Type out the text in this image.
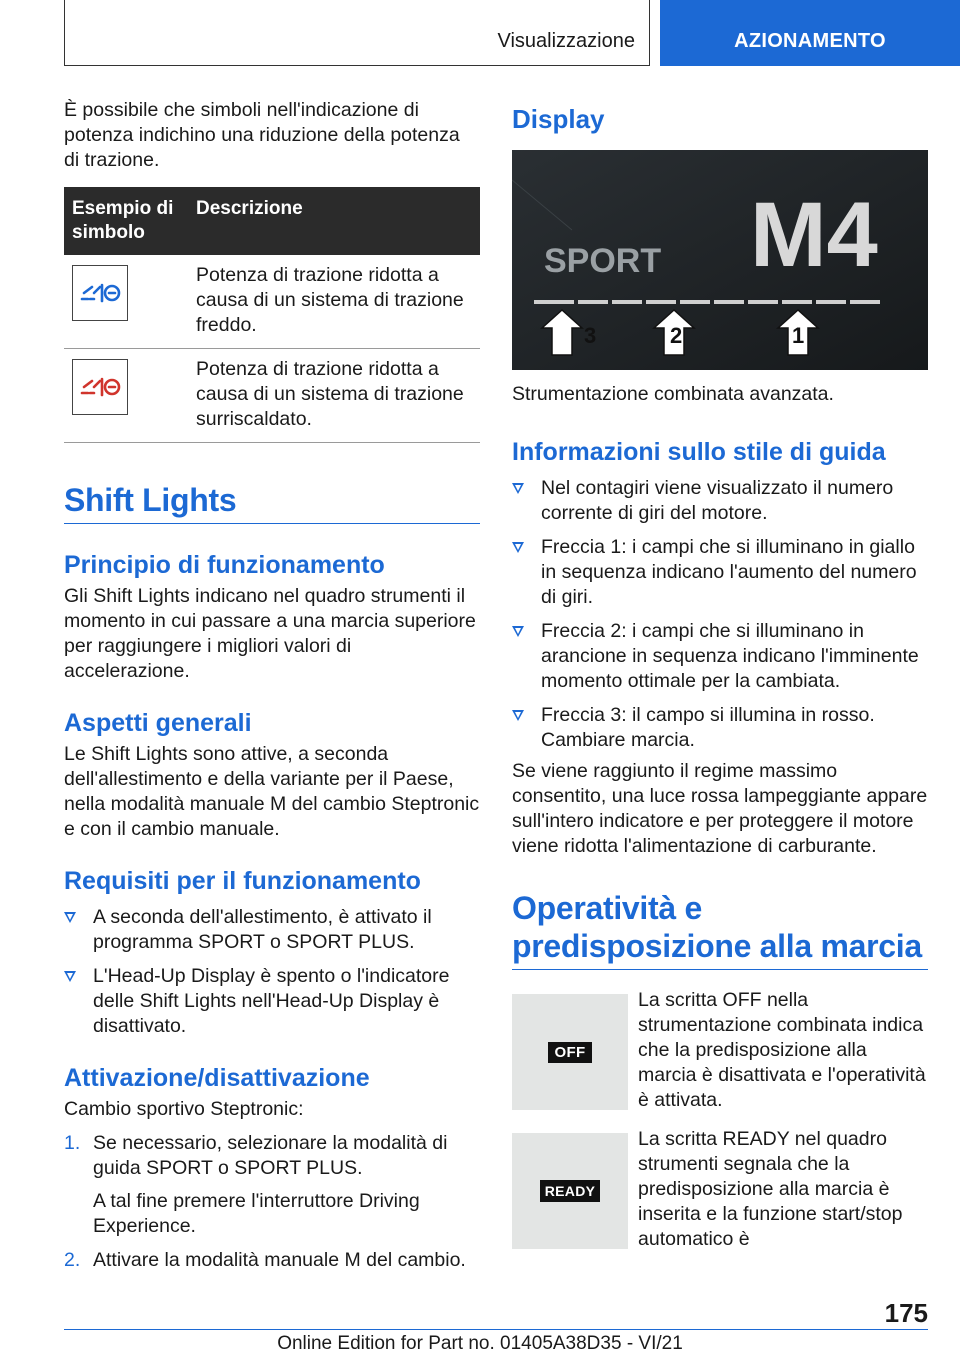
Visualizzazione	AZIONAMENTO

È possibile che simboli nell'indicazione di potenza indichino una riduzione della potenza di trazione.

Esempio di simbolo	Descrizione

	Potenza di trazione ridotta a causa di un sistema di trazione freddo.

	Potenza di trazione ridotta a causa di un sistema di trazione surriscaldato.
Shift Lights
Principio di funzionamento

Gli Shift Lights indicano nel quadro strumenti il momento in cui passare a una marcia superiore per raggiungere i migliori valori di accelerazione.

Aspetti generali

Le Shift Lights sono attive, a seconda dell'allestimento e della variante per il Paese, nella modalità manuale M del cambio Steptronic e con il cambio manuale.

Requisiti per il funzionamento
A seconda dell'allestimento, è attivato il programma SPORT o SPORT PLUS.
L'Head-Up Display è spento o l'indicatore delle Shift Lights nell'Head-Up Display è disattivato.
Attivazione/disattivazione

Cambio sportivo Steptronic:

1. Se necessario, selezionare la modalità di guida SPORT o SPORT PLUS.
A tal fine premere l'interruttore Driving Experience.
2. Attivare la modalità manuale M del cambio.
Display
SPORT M4
3	2	1

Strumentazione combinata avanzata.

Informazioni sullo stile di guida
Nel contagiri viene visualizzato il numero corrente di giri del motore.
Freccia 1: i campi che si illuminano in giallo in sequenza indicano l'aumento del numero di giri.
Freccia 2: i campi che si illuminano in arancione in sequenza indicano l'imminente momento ottimale per la cambiata.
Freccia 3: il campo si illumina in rosso. Cambiare marcia.

Se viene raggiunto il regime massimo consentito, una luce rossa lampeggiante appare sull'intero indicatore e per proteggere il motore viene ridotta l'alimentazione di carburante.

Operatività e predisposizione alla marcia
OFF
La scritta OFF nella strumentazione combinata indica che la predisposizione alla marcia è disattivata e l'operatività è attivata.
READY
La scritta READY nel quadro strumenti segnala che la predisposizione alla marcia è inserita e la funzione start/stop automatico è
175
Online Edition for Part no. 01405A38D35 - VI/21
